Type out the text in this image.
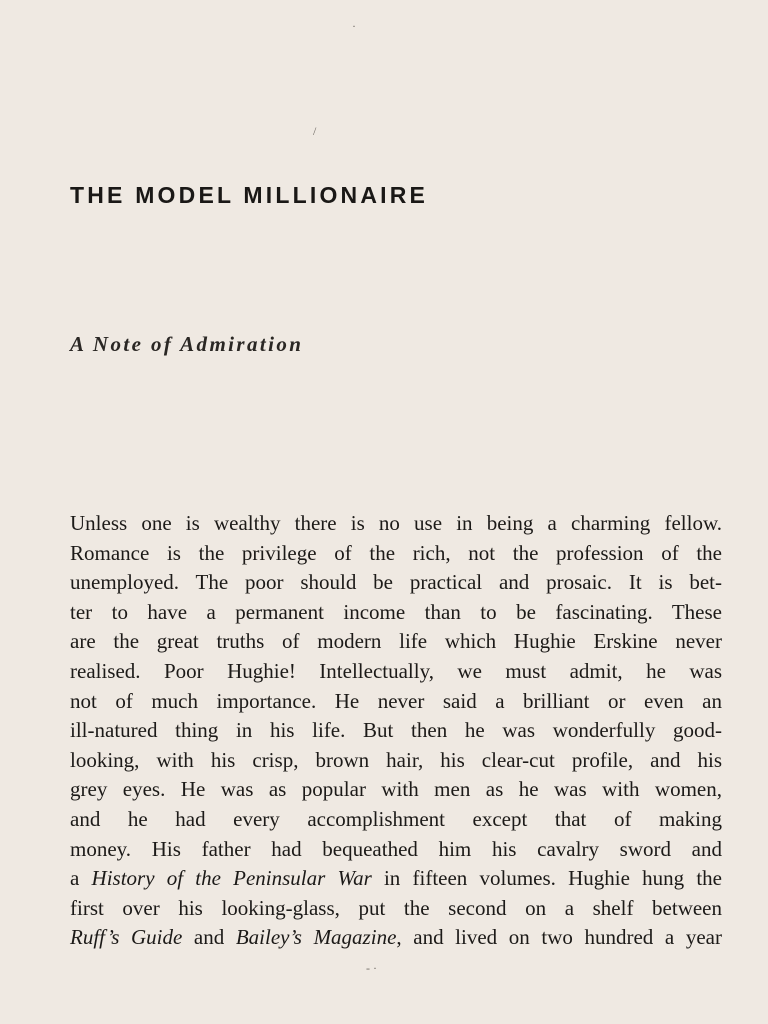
·
/
THE MODEL MILLIONAIRE
A Note of Admiration
Unless one is wealthy there is no use in being a charming fellow.
Romance is the privilege of the rich, not the profession of the
unemployed. The poor should be practical and prosaic. It is bet-
ter to have a permanent income than to be fascinating. These
are the great truths of modern life which Hughie Erskine never
realised. Poor Hughie! Intellectually, we must admit, he was
not of much importance. He never said a brilliant or even an
ill-natured thing in his life. But then he was wonderfully good-
looking, with his crisp, brown hair, his clear-cut profile, and his
grey eyes. He was as popular with men as he was with women,
and he had every accomplishment except that of making
money. His father had bequeathed him his cavalry sword and
a History of the Peninsular War in fifteen volumes. Hughie hung the
first over his looking-glass, put the second on a shelf between
Ruff’s Guide and Bailey’s Magazine, and lived on two hundred a year
- ·
